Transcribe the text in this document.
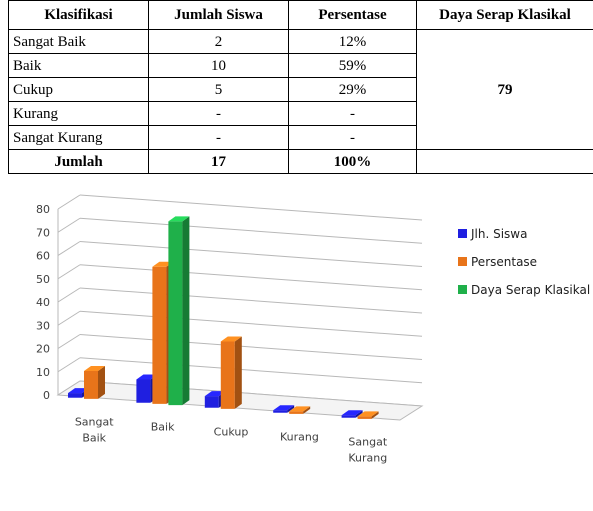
Klasifikasi	Jumlah Siswa	Persentase	Daya Serap Klasikal
Sangat Baik	2	12%	79
Baik	10	59%	
Cukup	5	29%	
Kurang	-	-	
Sangat Kurang	-	-	
Jumlah	17	100%	
0
10
20
30
40
50
60
70
80
Sangat
Baik
Baik	Cukup	Kurang	Sangat
Kurang
Jlh. Siswa
Persentase
Daya Serap Klasikal
